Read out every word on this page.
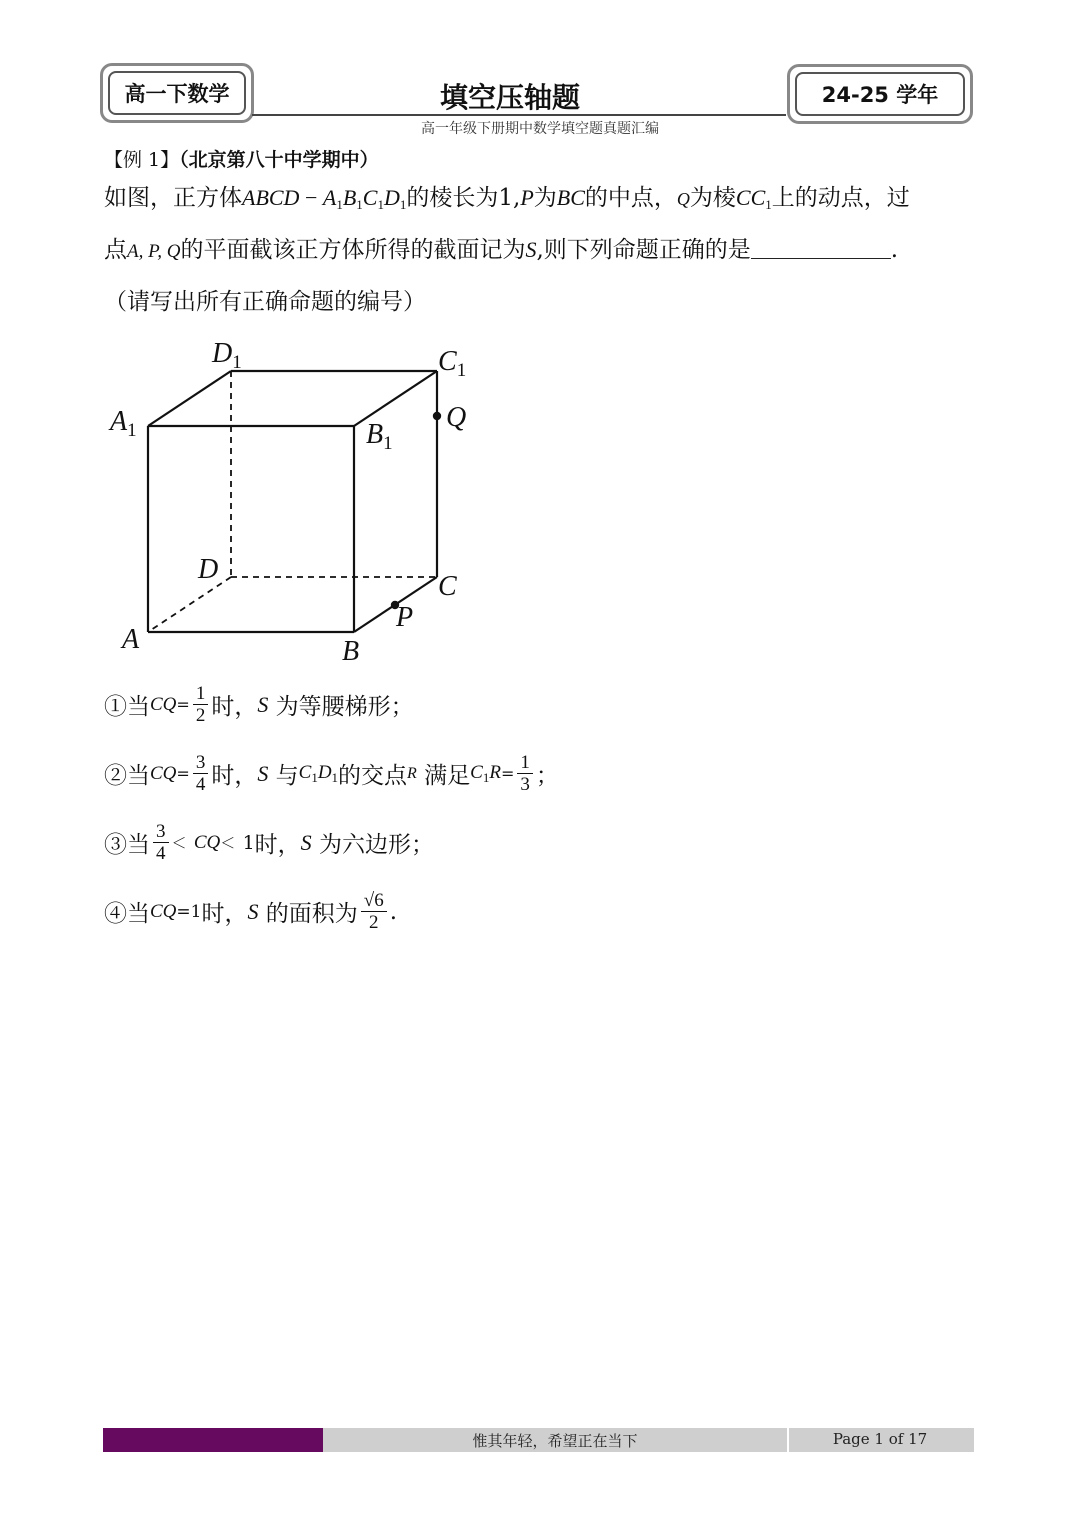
高一下数学	填空压轴题	24-25 学年
高一年级下册期中数学填空题真题汇编
【例 1】（北京第八十中学期中）
如图，正方体ABCD − $A_1B_1C_1D_1$的棱长为1,P为BC的中点，Q为棱$CC_1$上的动点，过
点A, P, Q的平面截该正方体所得的截面记为S,则下列命题正确的是	.
（请写出所有正确命题的编号）
$D_1$	$C_1$
$A_1$	$B_1$
Q
D
C
P
A	B
①当 CQ = $\frac{1}{2}$ 时， S
为等腰梯形；
②当 CQ = $\frac{3}{4}$ 时， S
与 $C_1D_1$ 的交点 R
满足 $C_1R = \frac{1}{3}$ ；
③当 $\frac{3}{4}$ ＜
CQ ＜
1 时， S
为六边形；
④当 CQ =1 时， S
的面积为 $\frac{√6}{2}$ .
惟其年轻，希望正在当下	Page 1 of 17
